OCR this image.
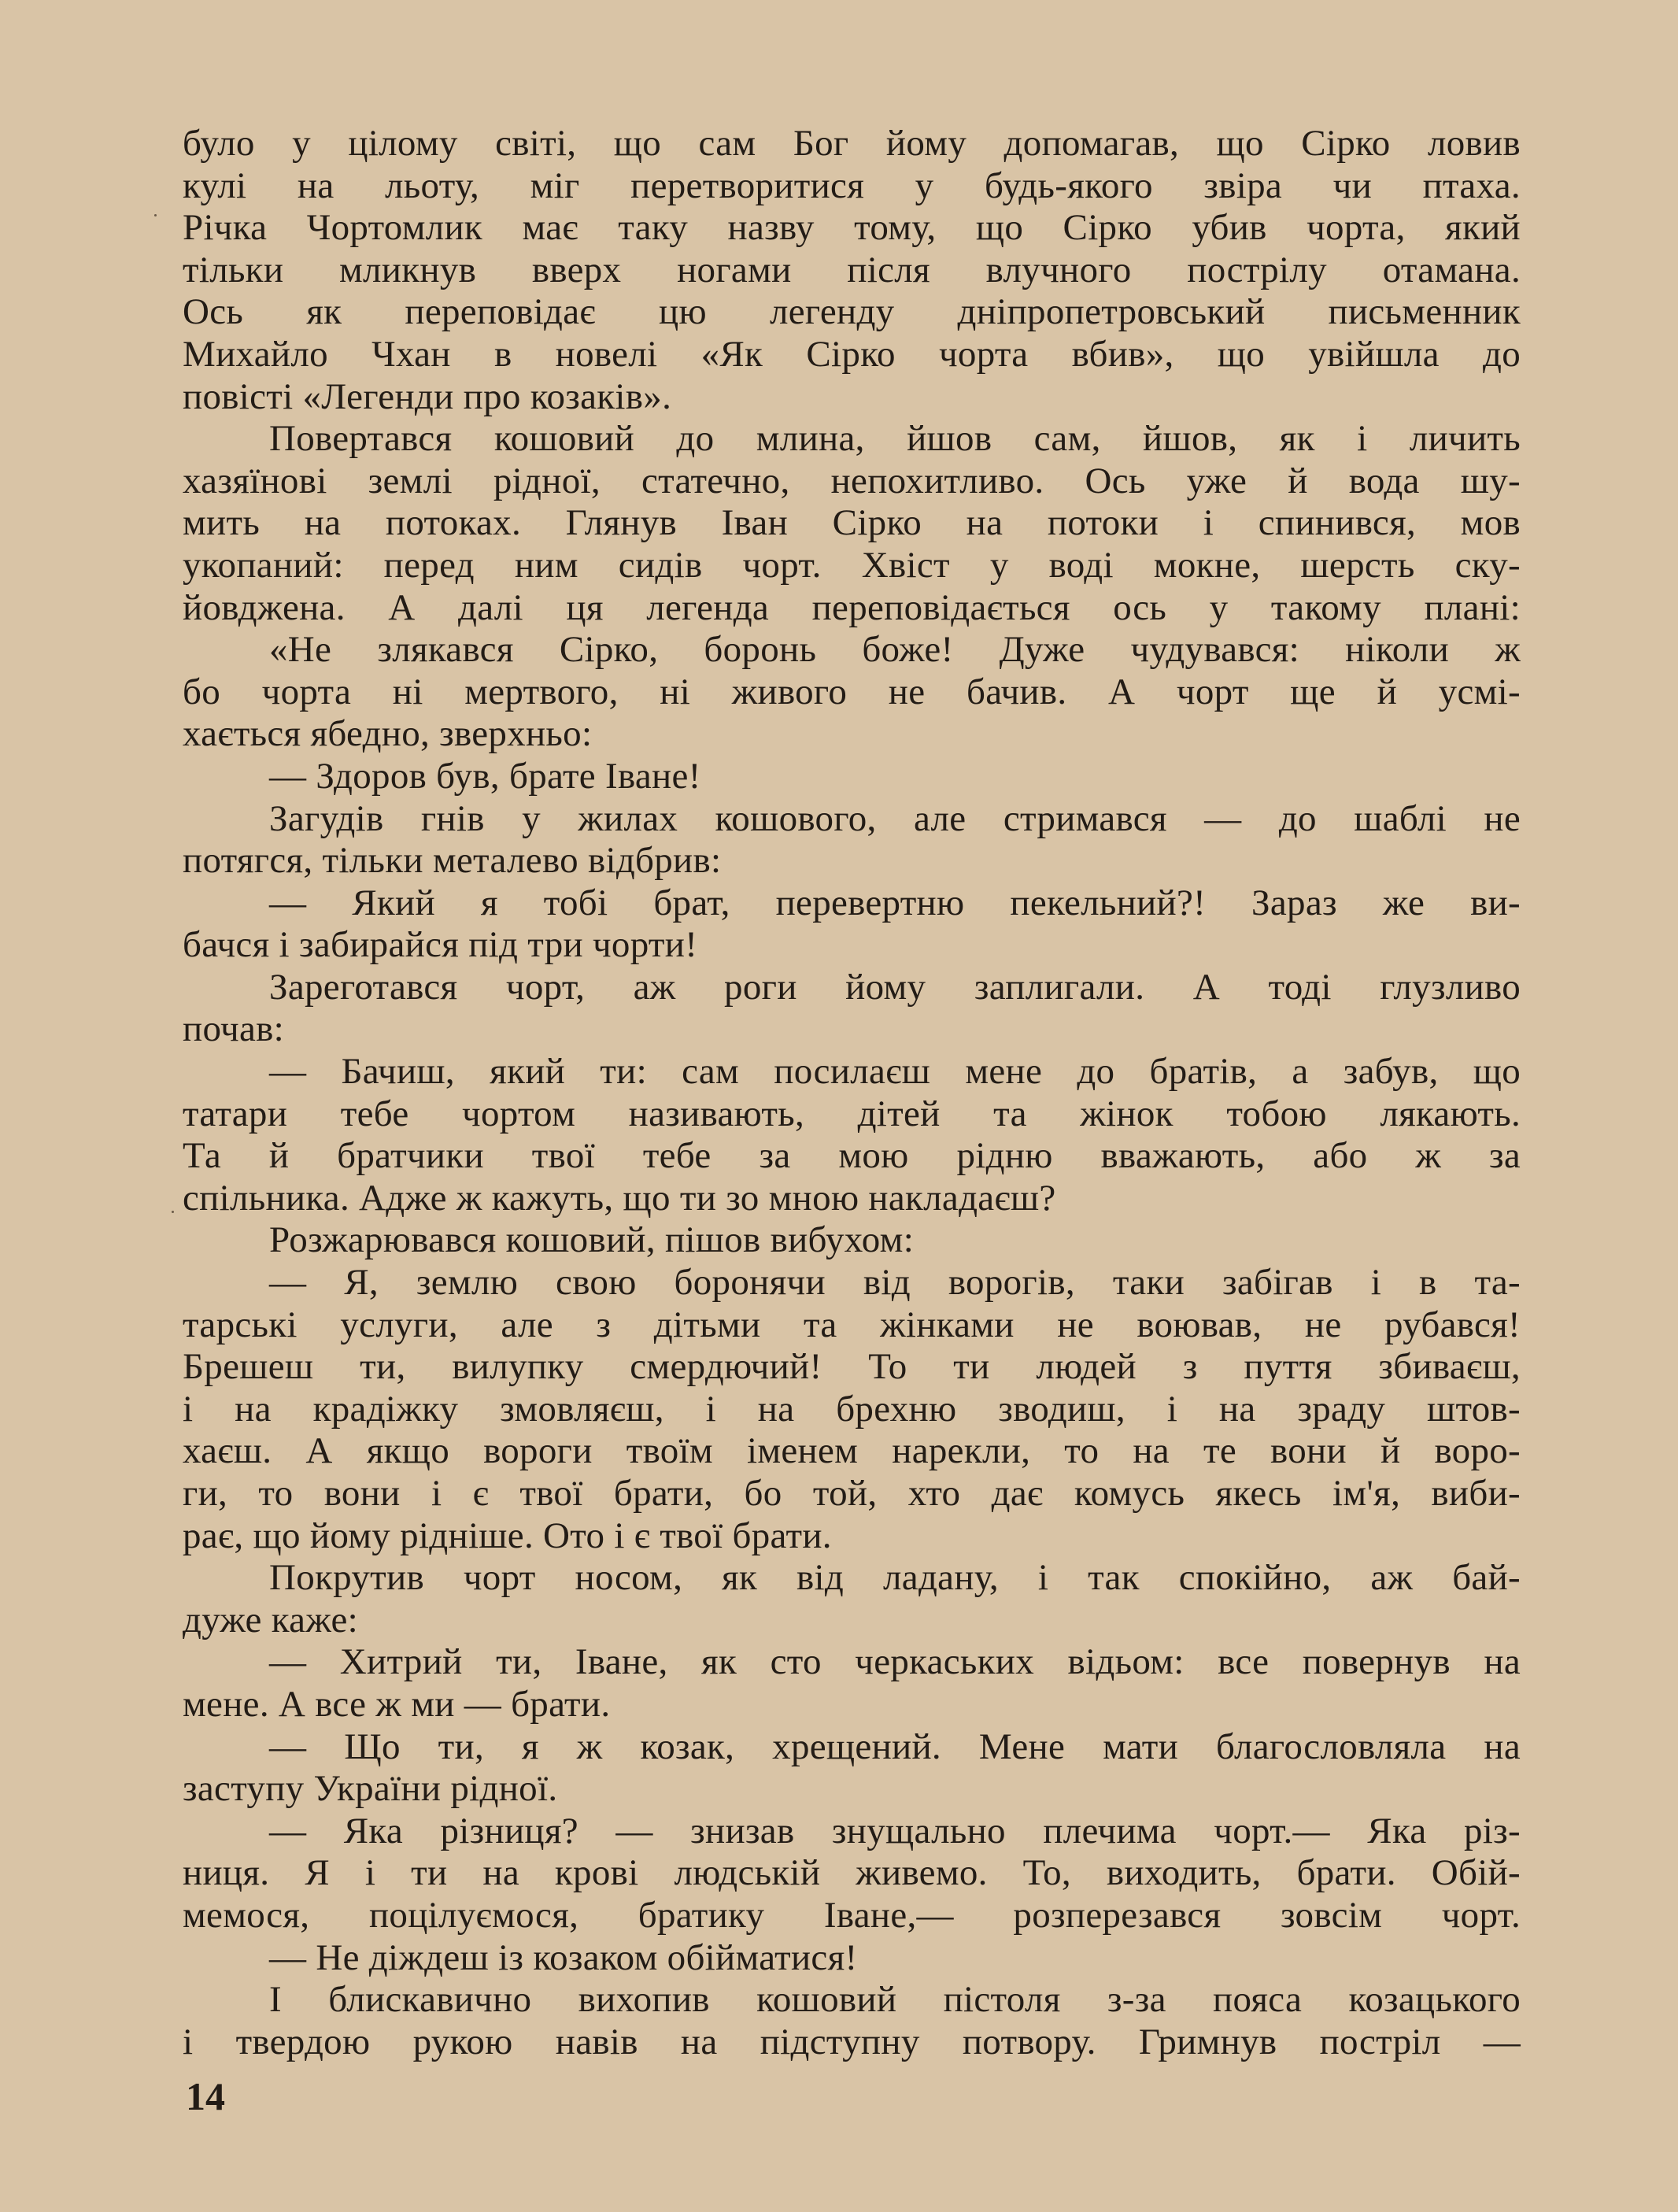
було у цілому світі, що сам Бог йому допомагав, що Сірко ловив
кулі на льоту, міг перетворитися у будь-якого звіра чи птаха.
Річка Чортомлик має таку назву тому, що Сірко убив чорта, який
тільки мликнув вверх ногами після влучного пострілу отамана.
Ось як переповідає цю легенду дніпропетровський письменник
Михайло Чхан в новелі «Як Сірко чорта вбив», що увійшла до
повісті «Легенди про козаків».
Повертався кошовий до млина, йшов сам, йшов, як і личить
хазяїнові землі рідної, статечно, непохитливо. Ось уже й вода шу-
мить на потоках. Глянув Іван Сірко на потоки і спинився, мов
укопаний: перед ним сидів чорт. Хвіст у воді мокне, шерсть ску-
йовджена. А далі ця легенда переповідається ось у такому плані:
«Не злякався Сірко, боронь боже! Дуже чудувався: ніколи ж
бо чорта ні мертвого, ні живого не бачив. А чорт ще й усмі-
хається ябедно, зверхньо:
— Здоров був, брате Іване!
Загудів гнів у жилах кошового, але стримався — до шаблі не
потягся, тільки металево відбрив:
— Який я тобі брат, перевертню пекельний?! Зараз же ви-
бачся і забирайся під три чорти!
Зареготався чорт, аж роги йому заплигали. А тоді глузливо
почав:
— Бачиш, який ти: сам посилаєш мене до братів, а забув, що
татари тебе чортом називають, дітей та жінок тобою лякають.
Та й братчики твої тебе за мою рідню вважають, або ж за
спільника. Адже ж кажуть, що ти зо мною накладаєш?
Розжарювався кошовий, пішов вибухом:
— Я, землю свою боронячи від ворогів, таки забігав і в та-
тарські услуги, але з дітьми та жінками не воював, не рубався!
Брешеш ти, вилупку смердючий! То ти людей з пуття збиваєш,
і на крадіжку змовляєш, і на брехню зводиш, і на зраду штов-
хаєш. А якщо вороги твоїм іменем нарекли, то на те вони й воро-
ги, то вони і є твої брати, бо той, хто дає комусь якесь ім'я, виби-
рає, що йому рідніше. Ото і є твої брати.
Покрутив чорт носом, як від ладану, і так спокійно, аж бай-
дуже каже:
— Хитрий ти, Іване, як сто черкаських відьом: все повернув на
мене. А все ж ми — брати.
— Що ти, я ж козак, хрещений. Мене мати благословляла на
заступу України рідної.
— Яка різниця? — знизав знущально плечима чорт.— Яка різ-
ниця. Я і ти на крові людській живемо. То, виходить, брати. Обій-
мемося, поцілуємося, братику Іване,— розперезався зовсім чорт.
— Не діждеш із козаком обійматися!
І блискавично вихопив кошовий пістоля з-за пояса козацького
і твердою рукою навів на підступну потвору. Гримнув постріл —
14
